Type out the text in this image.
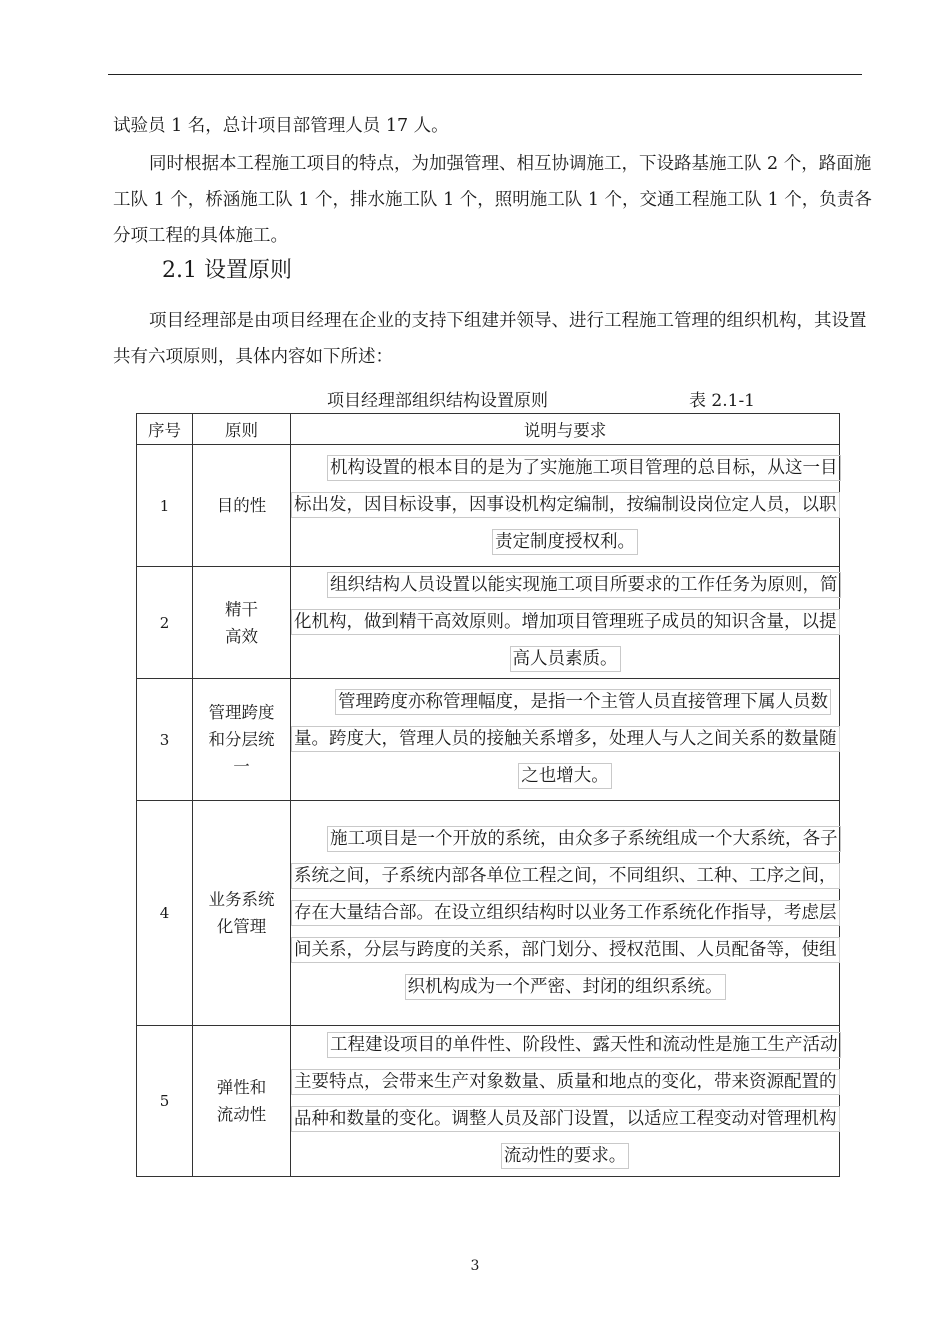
试验员 1 名，总计项目部管理人员 17 人。

同时根据本工程施工项目的特点，为加强管理、相互协调施工，下设路基施工队 2 个，路面施工队 1 个，桥涵施工队 1 个，排水施工队 1 个，照明施工队 1 个，交通工程施工队 1 个，负责各分项工程的具体施工。

2.1 设置原则

项目经理部是由项目经理在企业的支持下组建并领导、进行工程施工管理的组织机构，其设置共有六项原则，具体内容如下所述：

项目经理部组织结构设置原则	表 2.1-1
序号	原则	说明与要求
1	目的性	机构设置的根本目的是为了实施施工项目管理的总目标，从这一目标出发，因目标设事，因事设机构定编制，按编制设岗位定人员，以职责定制度授权利。

2	精干
高效	组织结构人员设置以能实现施工项目所要求的工作任务为原则，简化机构，做到精干高效原则。增加项目管理班子成员的知识含量，以提高人员素质。

3	管理跨度
和分层统
一	管理跨度亦称管理幅度，是指一个主管人员直接管理下属人员数量。跨度大，管理人员的接触关系增多，处理人与人之间关系的数量随之也增大。

4	业务系统
化管理	施工项目是一个开放的系统，由众多子系统组成一个大系统，各子系统之间，子系统内部各单位工程之间，不同组织、工种、工序之间，存在大量结合部。在设立组织结构时以业务工作系统化作指导，考虑层间关系，分层与跨度的关系，部门划分、授权范围、人员配备等，使组织机构成为一个严密、封闭的组织系统。

5	弹性和
流动性	工程建设项目的单件性、阶段性、露天性和流动性是施工生产活动主要特点，会带来生产对象数量、质量和地点的变化，带来资源配置的品种和数量的变化。调整人员及部门设置，以适应工程变动对管理机构流动性的要求。
3
